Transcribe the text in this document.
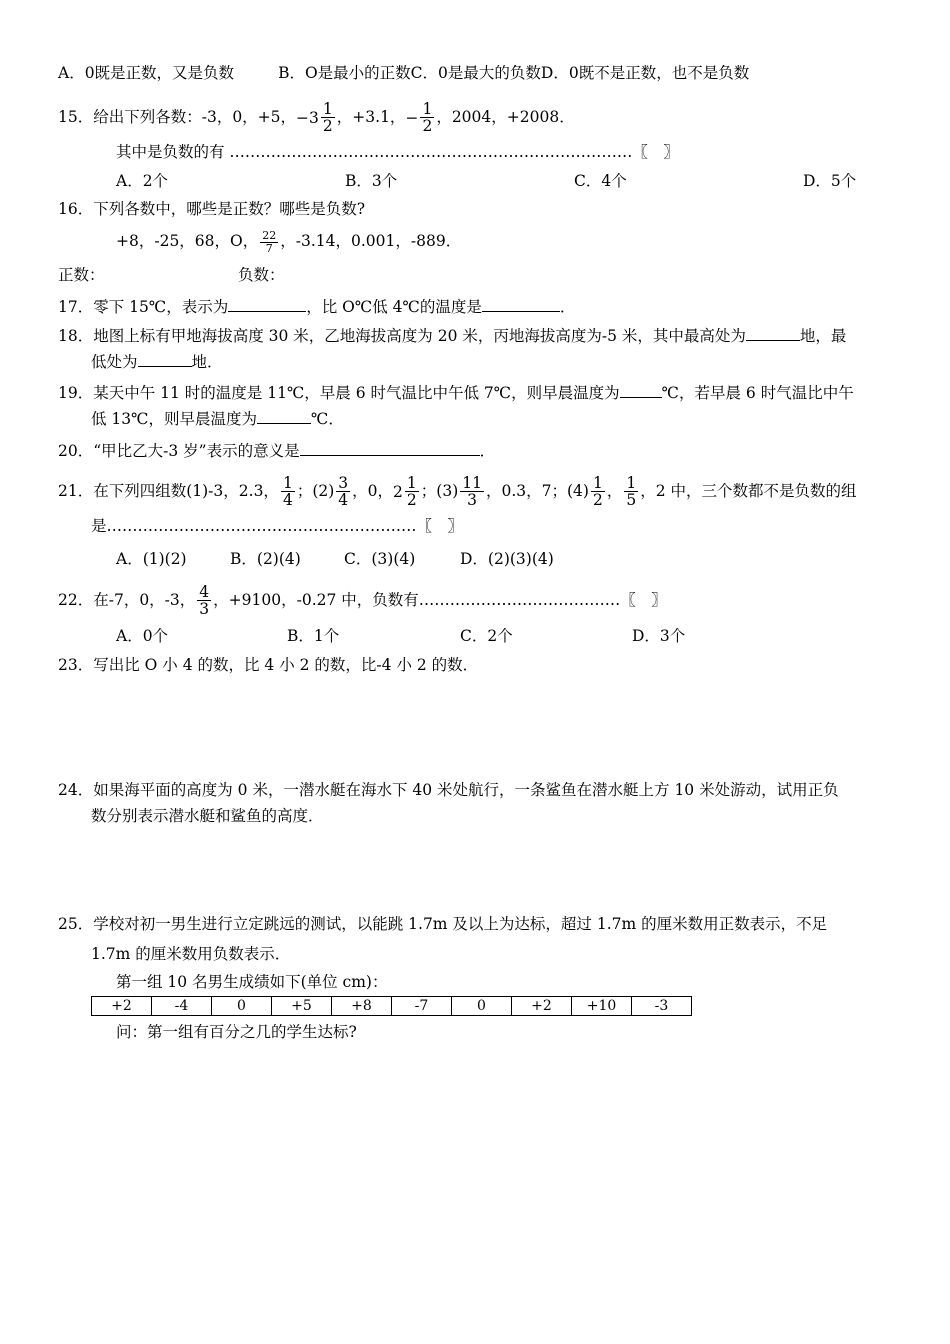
A．0既是正数，又是负数	B．O是最小的正数C．0是最大的负数D．0既不是正数，也不是负数
15．给出下列各数：-3，0，+5， − $3 \frac{1}{2}$ ，+3.1， − $\frac{1}{2}$ ，2004，+2008．
其中是负数的有 ……………………………………………………………………〖　〗
A．2个	B．3个	C．4个	D．5个
16．下列各数中，哪些是正数？哪些是负数?
+8，-25，68，O， $\frac{22}{7}$ ，-3.14，0.001，-889．
正数：	负数：
17．零下 15℃，表示为	，比 O℃低 4℃的温度是	．
18．地图上标有甲地海拔高度 30 米，乙地海拔高度为 20 米，丙地海拔高度为-5 米，其中最高处为	地，最
低处为	地．
19．某天中午 11 时的温度是 11℃，早晨 6 时气温比中午低 7℃，则早晨温度为	℃，若早晨 6 时气温比中午
低 13℃，则早晨温度为	℃．
20．“甲比乙大-3 岁”表示的意义是	．
21．在下列四组数(1)-3，2.3， $\frac{1}{4}$ ；$(2) \frac{3}{4}$ ，0， $2 \frac{1}{2}$ ；$(3) \frac{11}{3}$ ，0.3，7；$(4) \frac{1}{2}$ ， $\frac{1}{5}$ ，2 中，三个数都不是负数的组
是……………………………………………………〖　〗
A．(1)(2)	B．(2)(4)	C．(3)(4)	D．(2)(3)(4)
22．在-7，0，-3， $\frac{4}{3}$ ，+9100，-0.27 中，负数有…………………………………〖　〗
A．0个	B．1个	C．2个	D．3个
23．写出比 O 小 4 的数，比 4 小 2 的数，比-4 小 2 的数．
24．如果海平面的高度为 0 米，一潜水艇在海水下 40 米处航行，一条鲨鱼在潜水艇上方 10 米处游动，试用正负
数分别表示潜水艇和鲨鱼的高度．
25．学校对初一男生进行立定跳远的测试，以能跳 1.7m 及以上为达标，超过 1.7m 的厘米数用正数表示，不足
1.7m 的厘米数用负数表示．
第一组 10 名男生成绩如下(单位 cm)：
+2	-4	0	+5	+8	-7	0	+2	+10	-3
问：第一组有百分之几的学生达标?
